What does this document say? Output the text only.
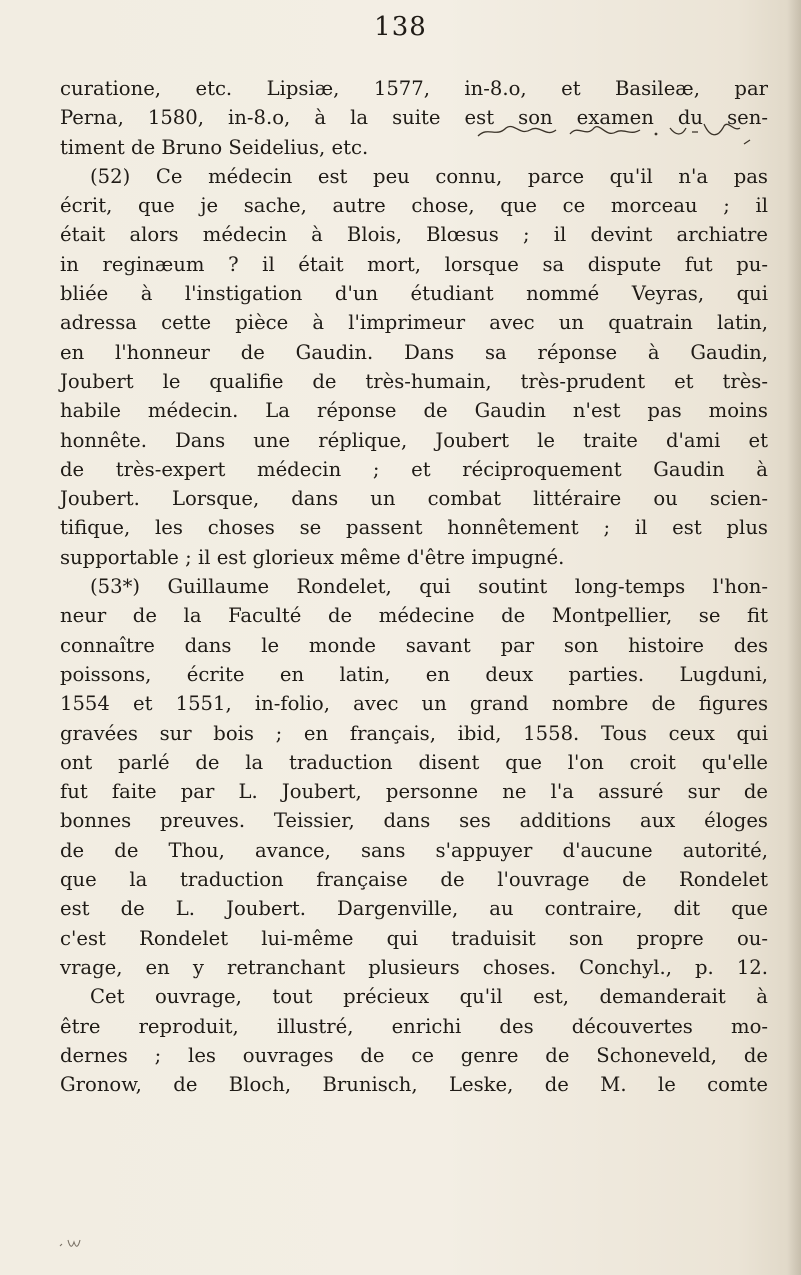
138
curatione, etc. Lipsiæ, 1577, in-8.o, et Basileæ, par
Perna, 1580, in-8.o, à la suite est son examen du sen-
timent de Bruno Seidelius, etc.
(52) Ce médecin est peu connu, parce qu'il n'a pas
écrit, que je sache, autre chose, que ce morceau ; il
était alors médecin à Blois, Blœsus ; il devint archiatre
in reginæum ? il était mort, lorsque sa dispute fut pu-
bliée à l'instigation d'un étudiant nommé Veyras, qui
adressa cette pièce à l'imprimeur avec un quatrain latin,
en l'honneur de Gaudin. Dans sa réponse à Gaudin,
Joubert le qualifie de très-humain, très-prudent et très-
habile médecin. La réponse de Gaudin n'est pas moins
honnête. Dans une réplique, Joubert le traite d'ami et
de très-expert médecin ; et réciproquement Gaudin à
Joubert. Lorsque, dans un combat littéraire ou scien-
tifique, les choses se passent honnêtement ; il est plus
supportable ; il est glorieux même d'être impugné.
(53*) Guillaume Rondelet, qui soutint long-temps l'hon-
neur de la Faculté de médecine de Montpellier, se fit
connaître dans le monde savant par son histoire des
poissons, écrite en latin, en deux parties. Lugduni,
1554 et 1551, in-folio, avec un grand nombre de figures
gravées sur bois ; en français, ibid, 1558. Tous ceux qui
ont parlé de la traduction disent que l'on croit qu'elle
fut faite par L. Joubert, personne ne l'a assuré sur de
bonnes preuves. Teissier, dans ses additions aux éloges
de de Thou, avance, sans s'appuyer d'aucune autorité,
que la traduction française de l'ouvrage de Rondelet
est de L. Joubert. Dargenville, au contraire, dit que
c'est Rondelet lui-même qui traduisit son propre ou-
vrage, en y retranchant plusieurs choses. Conchyl., p. 12.
Cet ouvrage, tout précieux qu'il est, demanderait à
être reproduit, illustré, enrichi des découvertes mo-
dernes ; les ouvrages de ce genre de Schoneveld, de
Gronow, de Bloch, Brunisch, Leske, de M. le comte
